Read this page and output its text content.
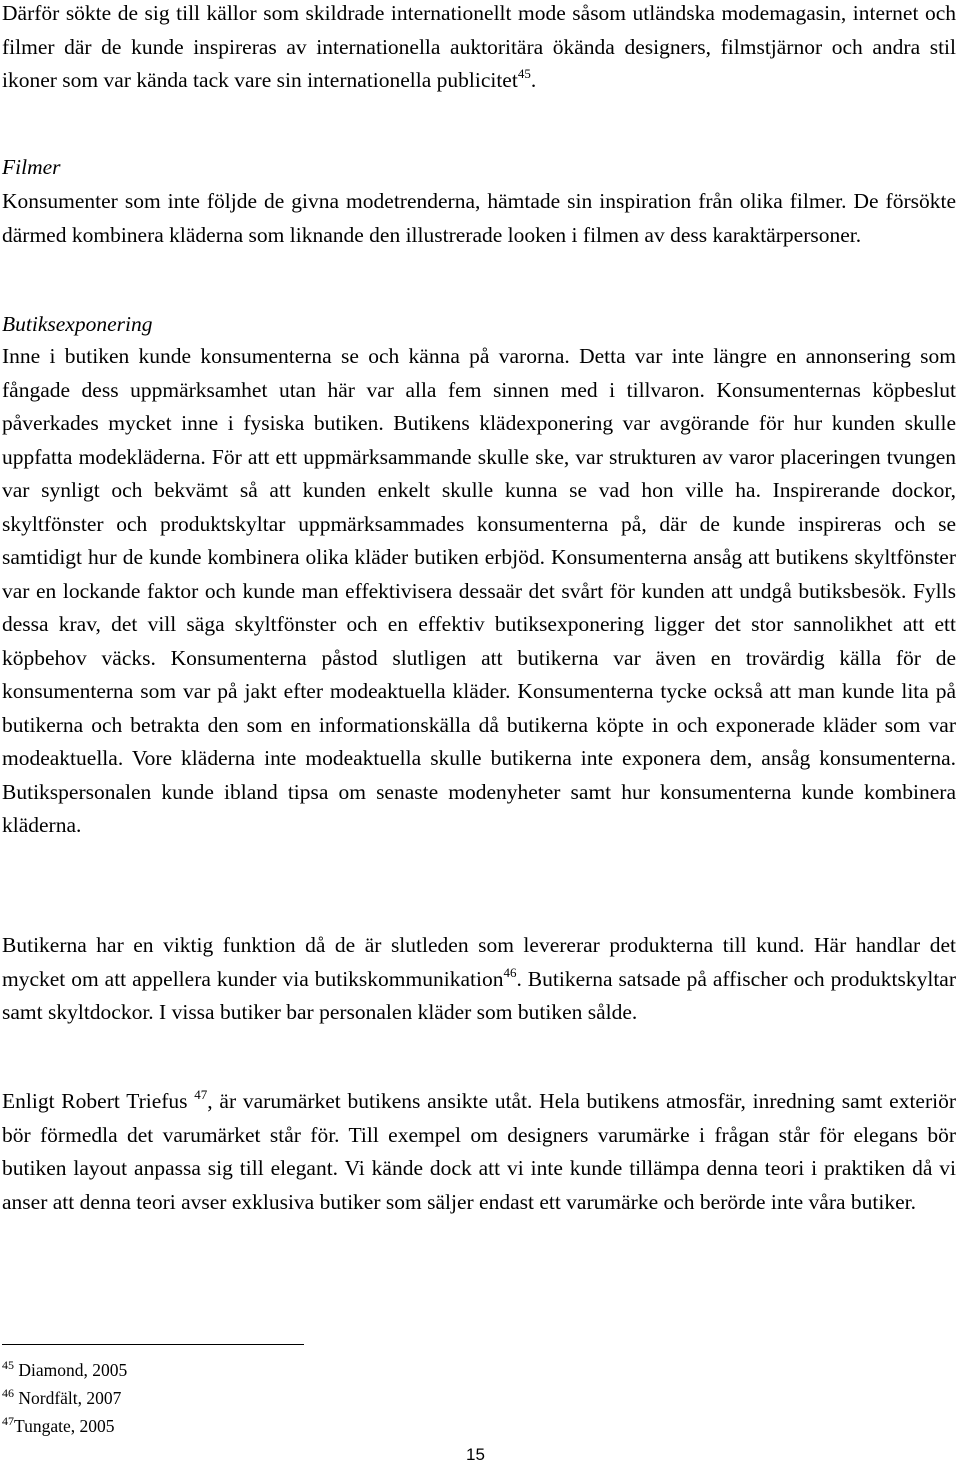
Därför sökte de sig till källor som skildrade internationellt mode såsom utländska modemagasin, internet och filmer där de kunde inspireras av internationella auktoritära ökända designers, filmstjärnor och andra stil ikoner som var kända tack vare sin internationella publicitet$^{45}$.

Filmer

Konsumenter som inte följde de givna modetrenderna, hämtade sin inspiration från olika filmer. De försökte därmed kombinera kläderna som liknande den illustrerade looken i filmen av dess karaktärpersoner.

Butiksexponering

Inne i butiken kunde konsumenterna se och känna på varorna. Detta var inte längre en annonsering som fångade dess uppmärksamhet utan här var alla fem sinnen med i tillvaron. Konsumenternas köpbeslut påverkades mycket inne i fysiska butiken. Butikens klädexponering var avgörande för hur kunden skulle uppfatta modekläderna. För att ett uppmärksammande skulle ske, var strukturen av varor placeringen tvungen var synligt och bekvämt så att kunden enkelt skulle kunna se vad hon ville ha. Inspirerande dockor, skyltfönster och produktskyltar uppmärksammades konsumenterna på, där de kunde inspireras och se samtidigt hur de kunde kombinera olika kläder butiken erbjöd. Konsumenterna ansåg att butikens skyltfönster var en lockande faktor och kunde man effektivisera dessaär det svårt för kunden att undgå butiksbesök. Fylls dessa krav, det vill säga skyltfönster och en effektiv butiksexponering ligger det stor sannolikhet att ett köpbehov väcks. Konsumenterna påstod slutligen att butikerna var även en trovärdig källa för de konsumenterna som var på jakt efter modeaktuella kläder. Konsumenterna tycke också att man kunde lita på butikerna och betrakta den som en informationskälla då butikerna köpte in och exponerade kläder som var modeaktuella. Vore kläderna inte modeaktuella skulle butikerna inte exponera dem, ansåg konsumenterna. Butikspersonalen kunde ibland tipsa om senaste modenyheter samt hur konsumenterna kunde kombinera kläderna.

Butikerna har en viktig funktion då de är slutleden som levererar produkterna till kund. Här handlar det mycket om att appellera kunder via butikskommunikation$^{46}$. Butikerna satsade på affischer och produktskyltar samt skyltdockor. I vissa butiker bar personalen kläder som butiken sålde.

Enligt Robert Triefus $^{47}$, är varumärket butikens ansikte utåt. Hela butikens atmosfär, inredning samt exteriör bör förmedla det varumärket står för. Till exempel om designers varumärke i frågan står för elegans bör butiken layout anpassa sig till elegant. Vi kände dock att vi inte kunde tillämpa denna teori i praktiken då vi anser att denna teori avser exklusiva butiker som säljer endast ett varumärke och berörde inte våra butiker.

$^{45}$ Diamond, 2005

$^{46}$ Nordfält, 2007

$^{47}$Tungate, 2005

15
